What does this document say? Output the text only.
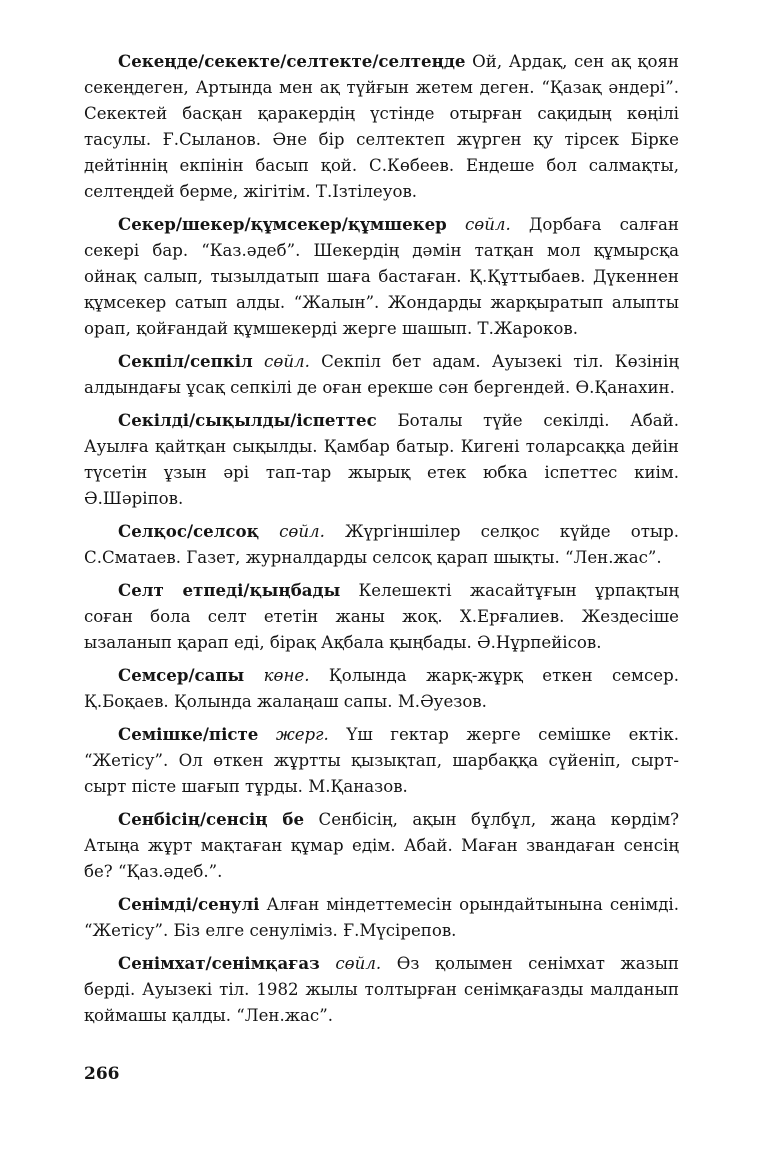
Секеңде/секекте/селтекте/селтеңде Ой, Ардақ, сен ақ қоян секеңдеген, Артында мен ақ түйғын жетем деген. “Қазақ әндері”. Секектей басқан қаракердің үстінде отырған сақидың көңілі тасулы. Ғ.Сыланов. Әне бір селтектеп жүрген қу тірсек Бірке дейтіннің екпінін басып қой. С.Көбеев. Ендеше бол салмақты, селтеңдей берме, жігітім. Т.Ізтілеуов.

Секер/шекер/құмсекер/құмшекер сөйл. Дорбаға салған секері бар. “Каз.әдеб”. Шекердің дәмін татқан мол құмырсқа ойнақ салып, тызылдатып шаға бастаған. Қ.Құттыбаев. Дүкеннен құмсекер сатып алды. “Жалын”. Жондарды жарқыратып алыпты орап, қойғандай құмшекерді жерге шашып. Т.Жароков.

Секпіл/сепкіл сөйл. Секпіл бет адам. Ауызекі тіл. Көзінің алдындағы ұсақ сепкілі де оған ерекше сән бергендей. Ө.Қанахин.

Секілді/сықылды/іспеттес Боталы түйе секілді. Абай. Ауылға қайтқан сықылды. Қамбар батыр. Кигені толарсаққа дейін түсетін ұзын әрі тап-тар жырық етек юбка іспеттес киім. Ә.Шәріпов.

Селқос/селсоқ сөйл. Жүргіншілер селқос күйде отыр. С.Сматаев. Газет, журналдарды селсоқ қарап шықты. “Лен.жас”.

Селт етпеді/қыңбады Келешекті жасайтұғын ұрпақтың соған бола селт ететін жаны жоқ. Х.Ерғалиев. Жездесіше ызаланып қарап еді, бірақ Ақбала қыңбады. Ә.Нұрпейісов.

Семсер/сапы көне. Қолында жарқ-жұрқ еткен семсер. Қ.Боқаев. Қолында жалаңаш сапы. М.Әуезов.

Семішке/пісте жерг. Үш гектар жерге семішке ектік. “Жетісу”. Ол өткен жұртты қызықтап, шарбаққа сүйеніп, сырт-сырт пісте шағып тұрды. М.Қаназов.

Сенбісің/сенсің бе Сенбісің, ақын бұлбұл, жаңа көрдім? Атыңа жұрт мақтаған құмар едім. Абай. Маған звандаған сенсің бе? “Қаз.әдеб.”.

Сенімді/сенулі Алған міндеттемесін орындайтынына сенімді. “Жетісу”. Біз елге сенуліміз. Ғ.Мүсірепов.

Сенімхат/сенімқағаз сөйл. Өз қолымен сенімхат жазып берді. Ауызекі тіл. 1982 жылы толтырған сенімқағазды малданып қоймашы қалды. “Лен.жас”.

266
